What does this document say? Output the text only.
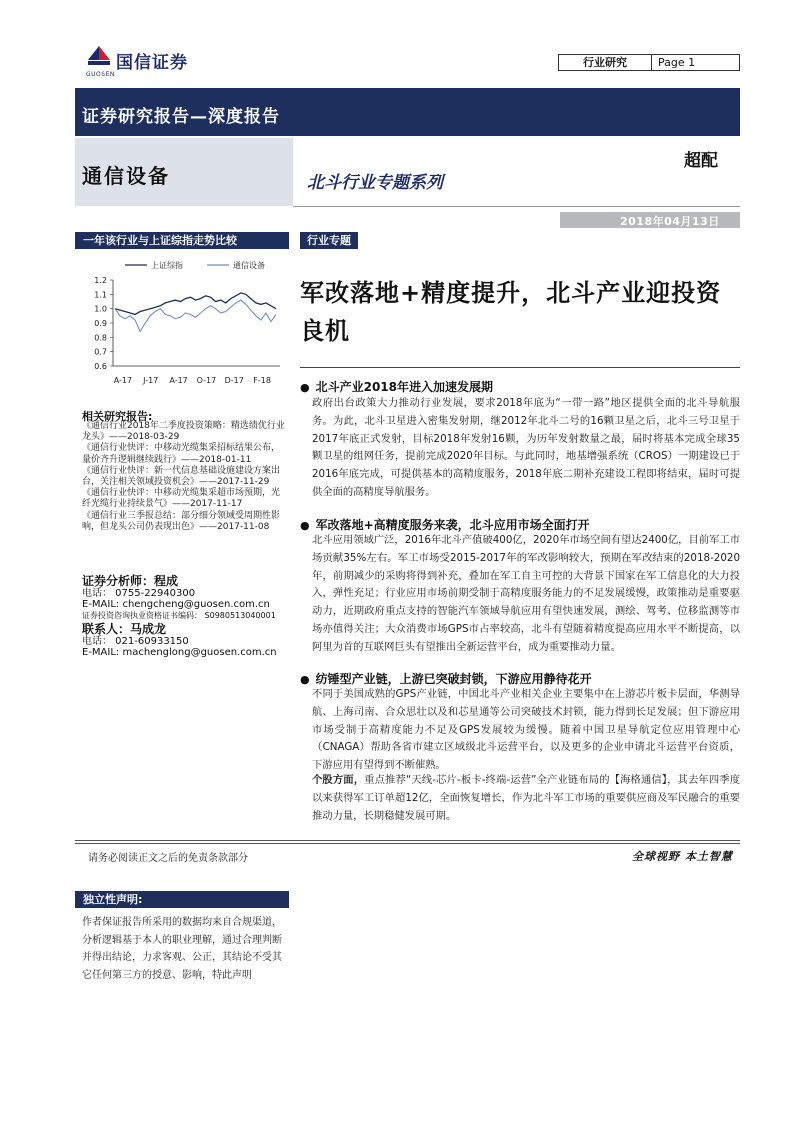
国信证券
GUOSEN
行业研究	Page 1
证券研究报告—深度报告
通信设备	北斗行业专题系列
超配
2018年04月13日
一年该行业与上证综指走势比较	行业专题
1.2
1.1
1.0
0.9
0.8
0.7
0.6
A-17 J-17 A-17 O-17 D-17 F-18
上证综指	通信设备
相关研究报告:
《通信行业2018年二季度投资策略：精选绩优行业龙头》——2018-03-29
《通信行业快评：中移动光缆集采招标结果公布，量价齐升逻辑继续践行》——2018-01-11
《通信行业快评：新一代信息基础设施建设方案出台，关注相关领域投资机会》——2017-11-29
《通信行业快评：中移动光缆集采超市场预期，光纤光缆行业持续景气》——2017-11-17
《通信行业三季报总结：部分细分领域受周期性影响，但龙头公司仍表现出色》——2017-11-08
证券分析师：程成
电话： 0755-22940300
E-MAIL: chengcheng@guosen.com.cn
证券投资咨询执业资格证书编码： S0980513040001
联系人：马成龙
电话： 021-60933150
E-MAIL: machenglong@guosen.com.cn
独立性声明:
作者保证报告所采用的数据均来自合规渠道，分析逻辑基于本人的职业理解，通过合理判断并得出结论，力求客观、公正，其结论不受其它任何第三方的授意、影响，特此声明
军改落地+精度提升，北斗产业迎投资良机
● 北斗产业2018年进入加速发展期
政府出台政策大力推动行业发展，要求2018年底为“一带一路”地区提供全面的北斗导航服务。为此，北斗卫星进入密集发射期，继2012年北斗二号的16颗卫星之后，北斗三号卫星于2017年底正式发射，目标2018年发射16颗，为历年发射数量之最，届时将基本完成全球35颗卫星的组网任务，提前完成2020年目标。与此同时，地基增强系统（CROS）一期建设已于2016年底完成，可提供基本的高精度服务，2018年底二期补充建设工程即将结束，届时可提供全面的高精度导航服务。
● 军改落地+高精度服务来袭，北斗应用市场全面打开
北斗应用领域广泛，2016年北斗产值破400亿，2020年市场空间有望达2400亿，目前军工市场贡献35%左右。军工市场受2015-2017年的军改影响较大，预期在军改结束的2018-2020年，前期减少的采购将得到补充，叠加在军工自主可控的大背景下国家在军工信息化的大力投入，弹性充足；行业应用市场前期受制于高精度服务能力的不足发展缓慢，政策推动是重要驱动力，近期政府重点支持的智能汽车领域导航应用有望快速发展，测绘、驾考、位移监测等市场亦值得关注；大众消费市场GPS市占率较高，北斗有望随着精度提高应用水平不断提高，以阿里为首的互联网巨头有望推出全新运营平台，成为重要推动力量。
● 纺锤型产业链，上游已突破封锁，下游应用静待花开
不同于美国成熟的GPS产业链，中国北斗产业相关企业主要集中在上游芯片板卡层面，华测导航、上海司南、合众思壮以及和芯星通等公司突破技术封锁，能力得到长足发展；但下游应用市场受制于高精度能力不足及GPS发展较为缓慢。随着中国卫星导航定位应用管理中心（CNAGA）帮助各省市建立区域级北斗运营平台，以及更多的企业申请北斗运营平台资质，下游应用有望得到不断催熟。
个股方面，重点推荐“天线-芯片-板卡-终端-运营”全产业链布局的【海格通信】，其去年四季度以来获得军工订单超12亿，全面恢复增长，作为北斗军工市场的重要供应商及军民融合的重要推动力量，长期稳健发展可期。
请务必阅读正文之后的免责条款部分	全球视野 本土智慧
